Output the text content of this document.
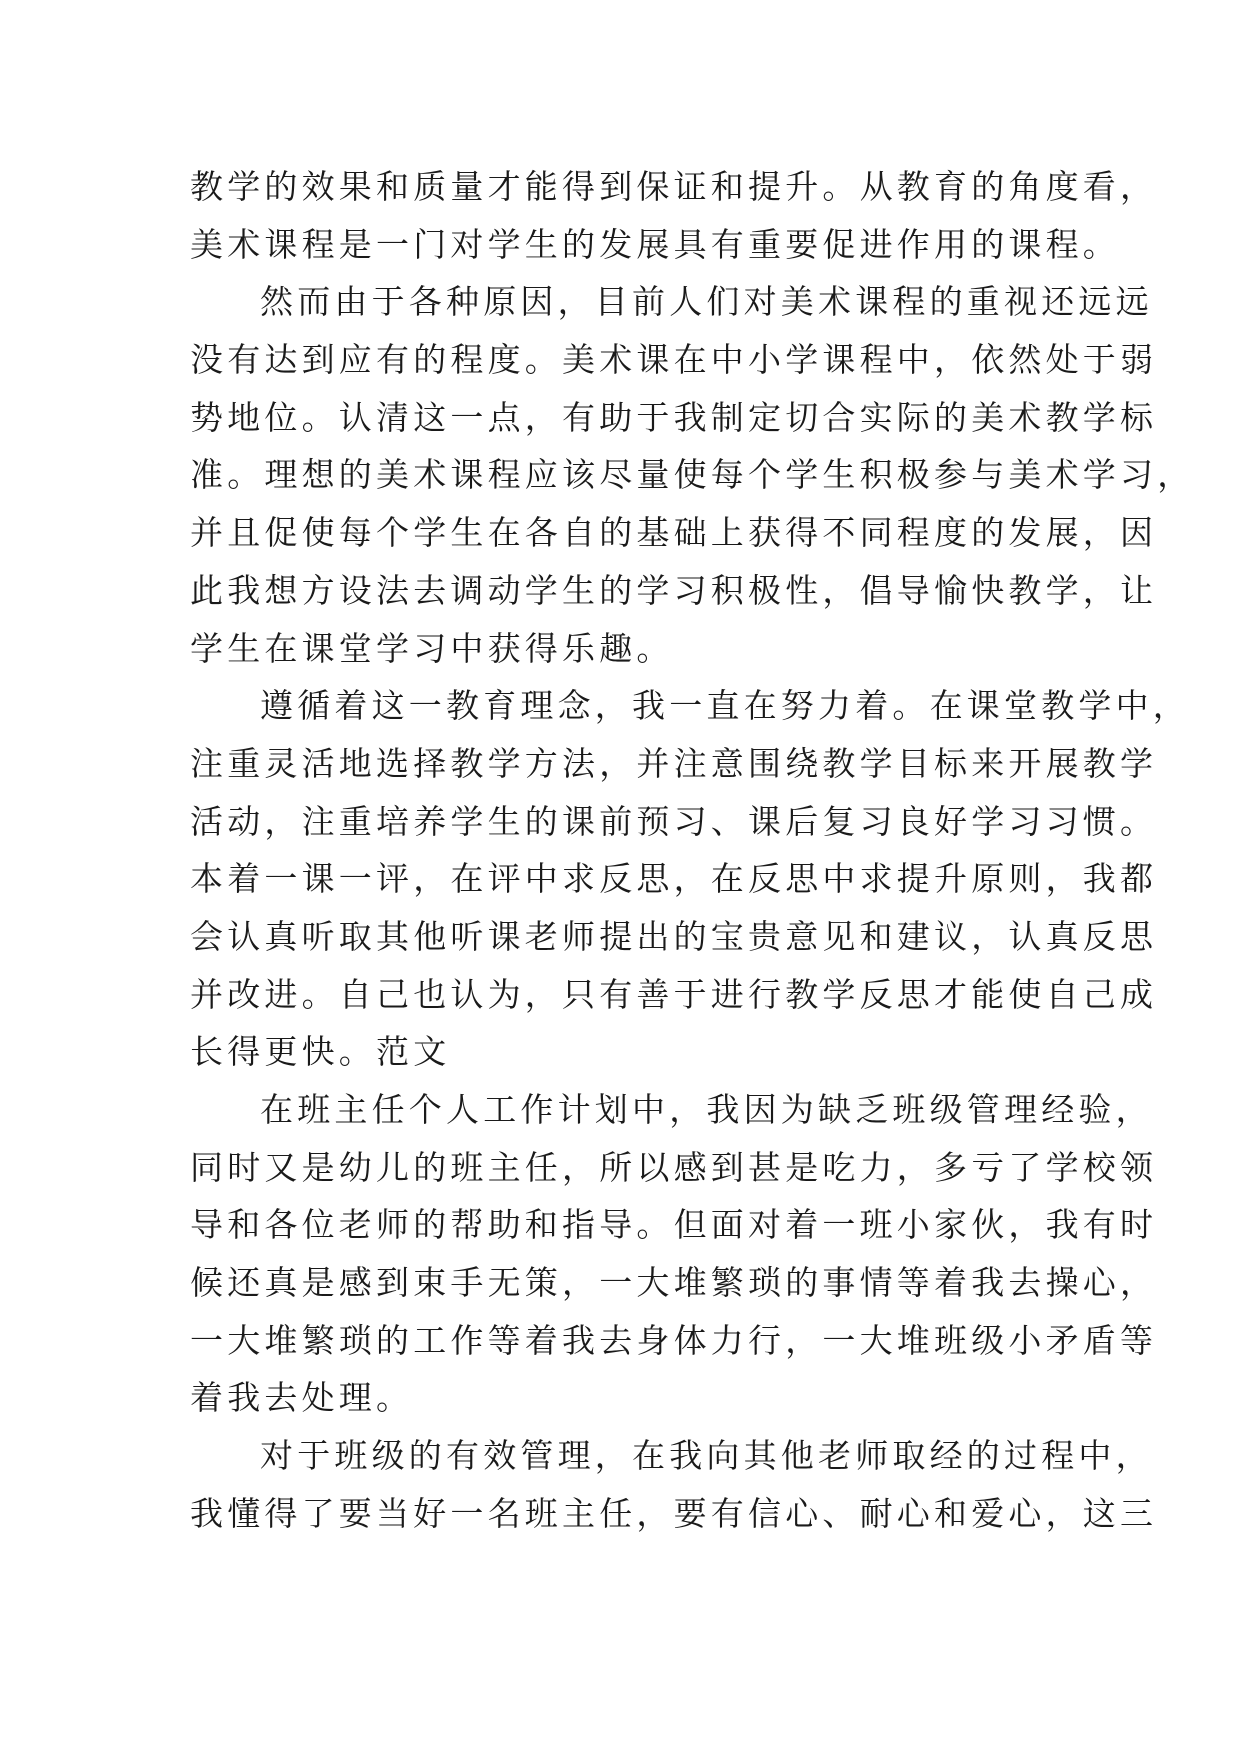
教学的效果和质量才能得到保证和提升。从教育的角度看，
美术课程是一门对学生的发展具有重要促进作用的课程。
然而由于各种原因，目前人们对美术课程的重视还远远
没有达到应有的程度。美术课在中小学课程中，依然处于弱
势地位。认清这一点，有助于我制定切合实际的美术教学标
准。理想的美术课程应该尽量使每个学生积极参与美术学习，
并且促使每个学生在各自的基础上获得不同程度的发展，因
此我想方设法去调动学生的学习积极性，倡导愉快教学，让
学生在课堂学习中获得乐趣。
遵循着这一教育理念，我一直在努力着。在课堂教学中，
注重灵活地选择教学方法，并注意围绕教学目标来开展教学
活动，注重培养学生的课前预习、课后复习良好学习习惯。
本着一课一评，在评中求反思，在反思中求提升原则，我都
会认真听取其他听课老师提出的宝贵意见和建议，认真反思
并改进。自己也认为，只有善于进行教学反思才能使自己成
长得更快。范文
在班主任个人工作计划中，我因为缺乏班级管理经验，
同时又是幼儿的班主任，所以感到甚是吃力，多亏了学校领
导和各位老师的帮助和指导。但面对着一班小家伙，我有时
候还真是感到束手无策，一大堆繁琐的事情等着我去操心，
一大堆繁琐的工作等着我去身体力行，一大堆班级小矛盾等
着我去处理。
对于班级的有效管理，在我向其他老师取经的过程中，
我懂得了要当好一名班主任，要有信心、耐心和爱心，这三
